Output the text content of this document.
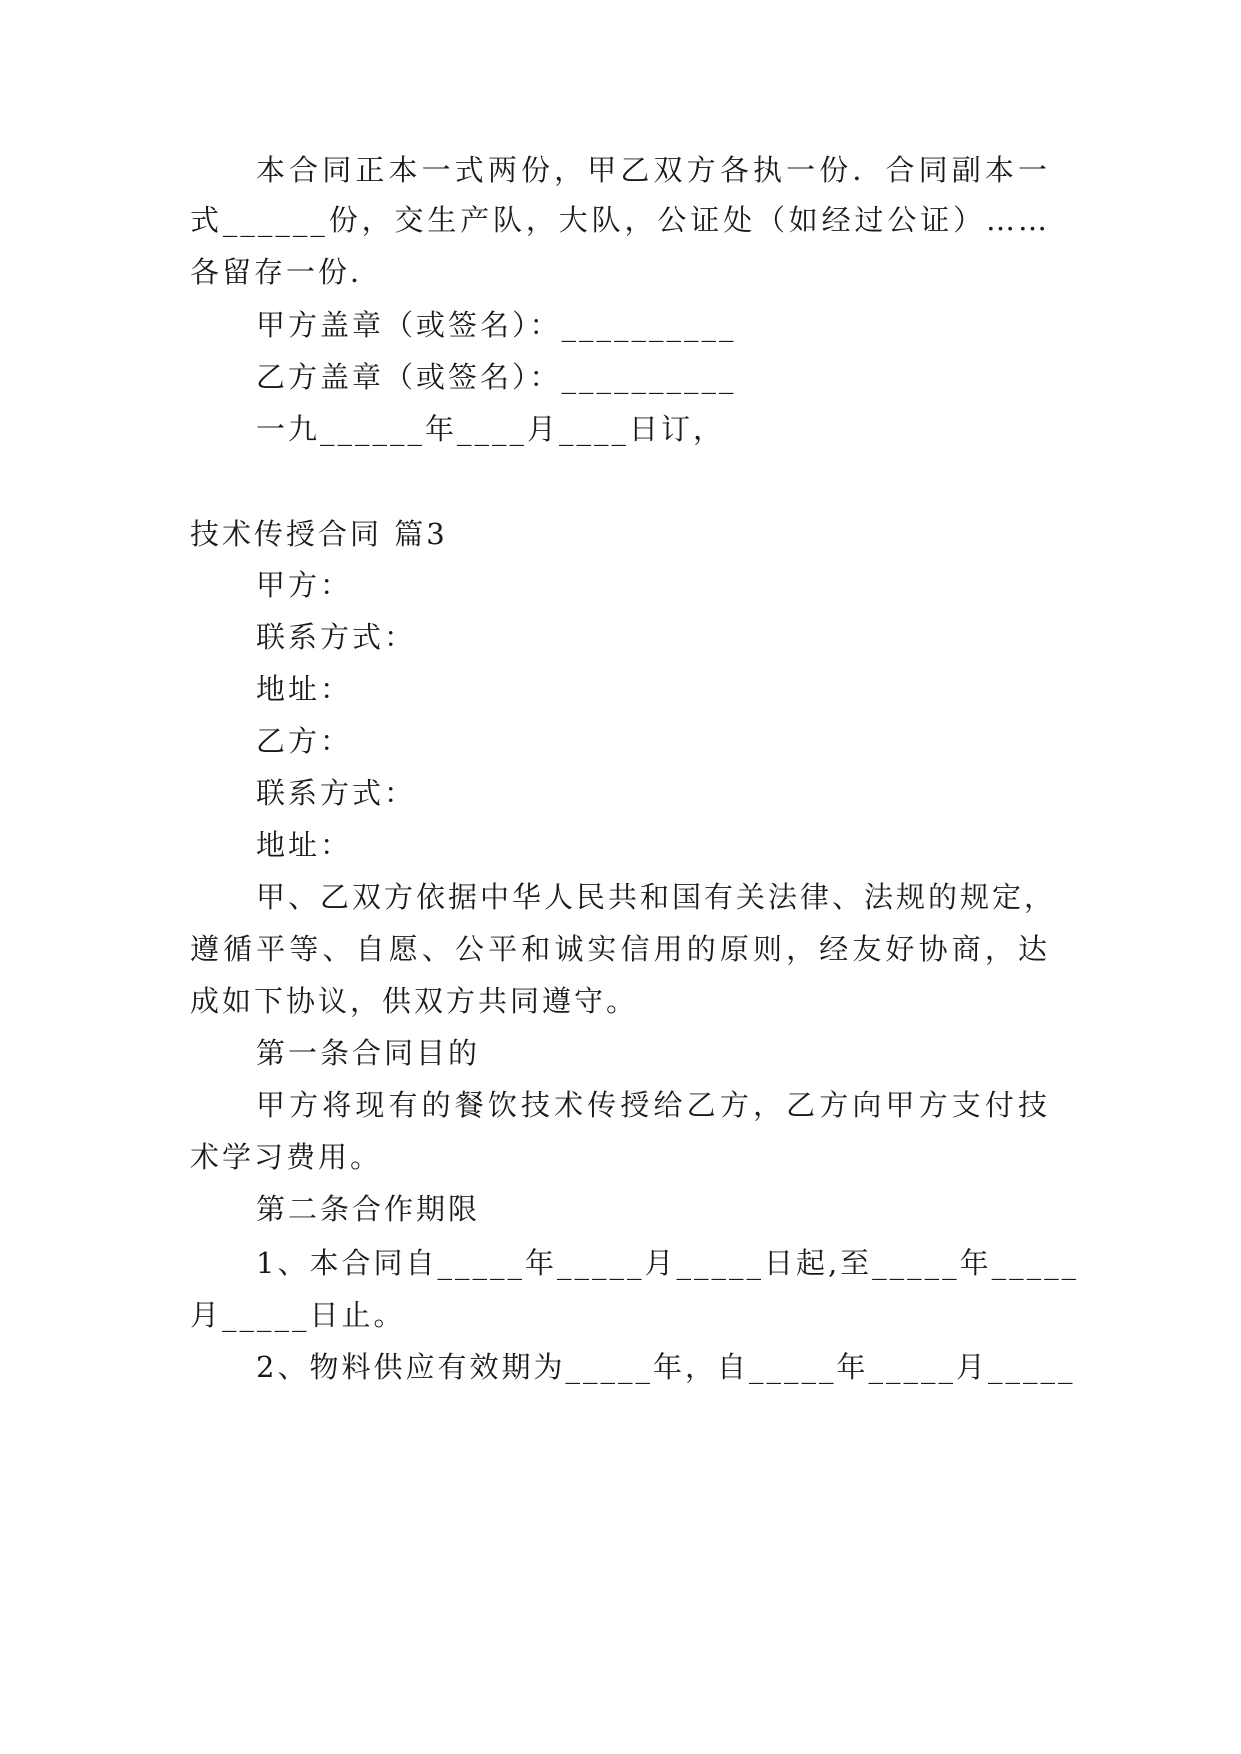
本合同正本一式两份，甲乙双方各执一份．合同副本一
式______份，交生产队，大队，公证处（如经过公证）……
各留存一份．
甲方盖章（或签名）：__________
乙方盖章（或签名）：__________
一九______年____月____日订，
技术传授合同 篇3
甲方：
联系方式：
地址：
乙方：
联系方式：
地址：
甲、乙双方依据中华人民共和国有关法律、法规的规定，
遵循平等、自愿、公平和诚实信用的原则，经友好协商，达
成如下协议，供双方共同遵守。
第一条合同目的
甲方将现有的餐饮技术传授给乙方，乙方向甲方支付技
术学习费用。
第二条合作期限
1、本合同自_____年_____月_____日起,至_____年_____
月_____日止。
2、物料供应有效期为_____年，自_____年_____月_____
